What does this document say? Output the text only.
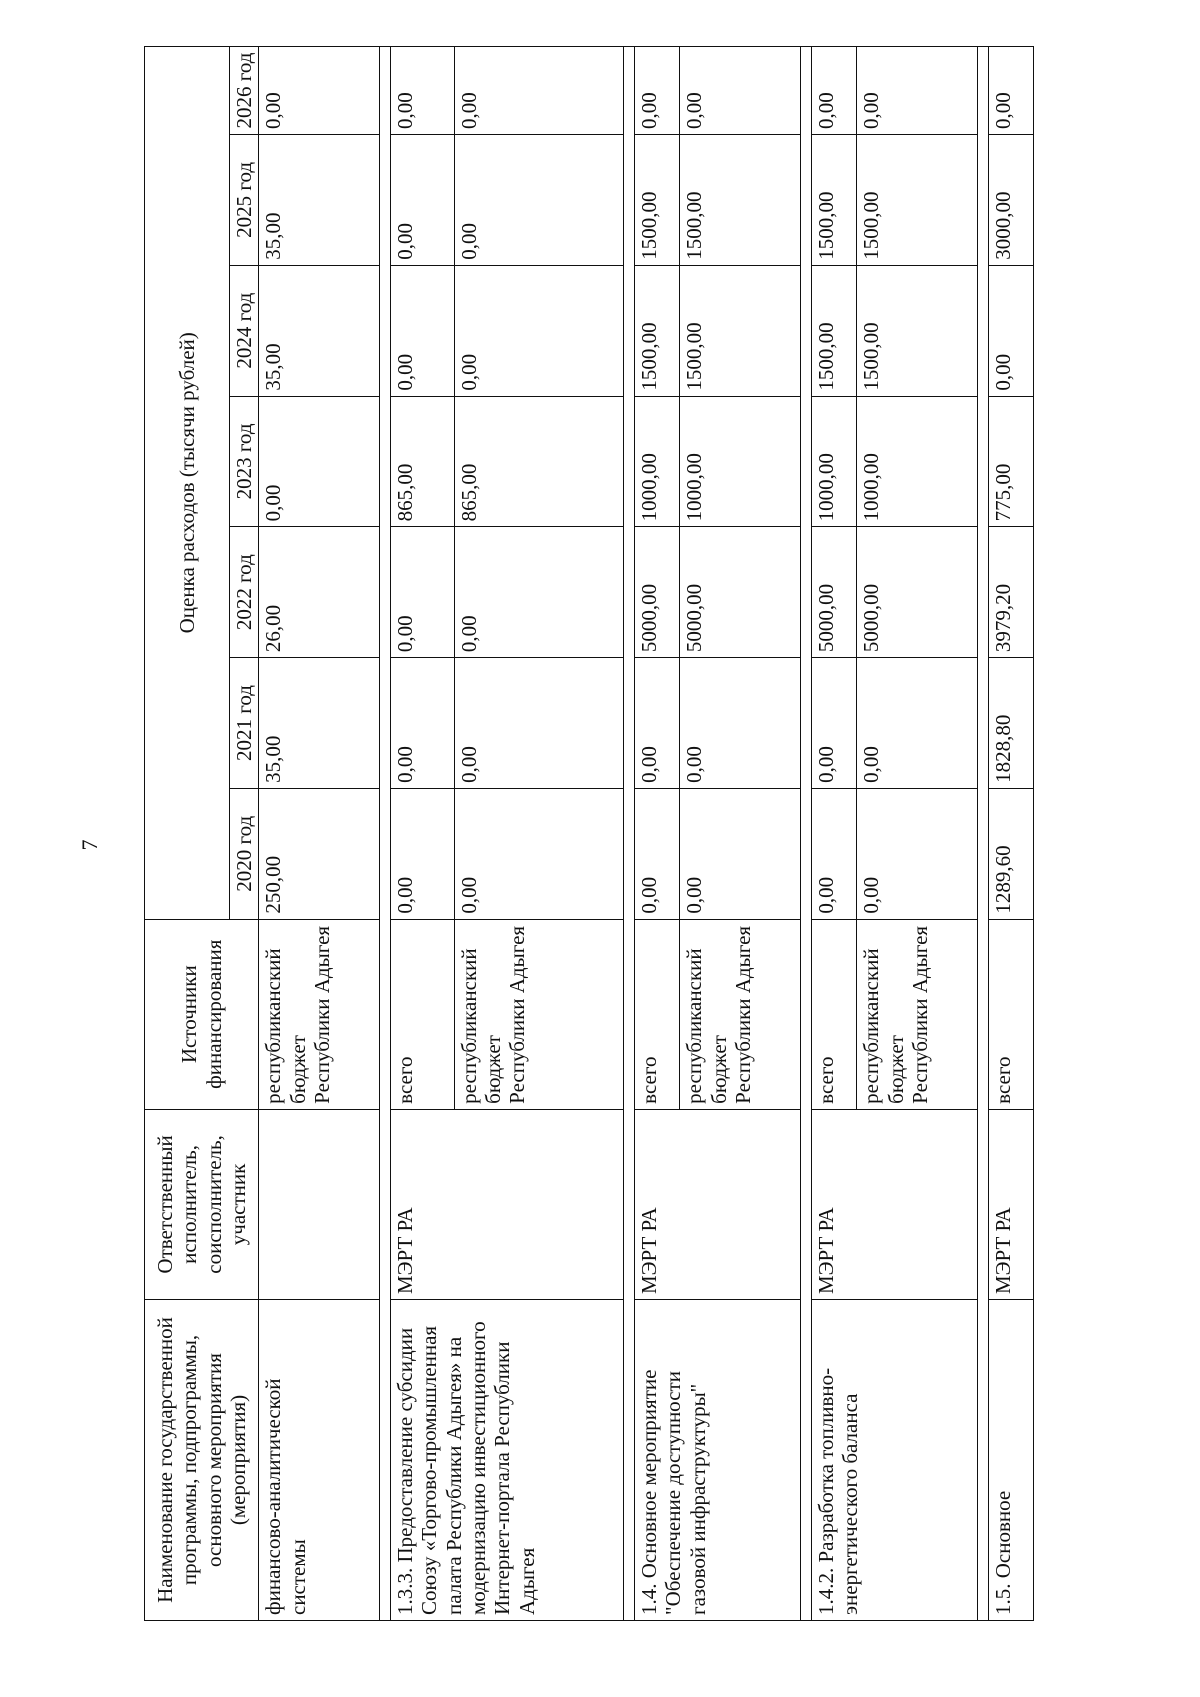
7
Наименование государственной программы, подпрограммы, основного мероприятия (мероприятия)	Ответственный исполнитель, соисполнитель, участник	Источники финансирования	Оценка расходов (тысячи рублей)						
			2020 год	2021 год	2022 год	2023 год	2024 год	2025 год	2026 год
финансово-аналитической системы		республиканский бюджет Республики Адыгея	250,00	35,00	26,00	0,00	35,00	35,00	0,00

1.3.3. Предоставление субсидии Союзу «Торгово-промышленная палата Республики Адыгея» на модернизацию инвестиционного Интернет-портала Республики Адыгея	МЭРТ РА	всего	0,00	0,00	0,00	865,00	0,00	0,00	0,00
		республиканский бюджет Республики Адыгея	0,00	0,00	0,00	865,00	0,00	0,00	0,00

1.4. Основное мероприятие "Обеспечение доступности газовой инфраструктуры"	МЭРТ РА	всего	0,00	0,00	5000,00	1000,00	1500,00	1500,00	0,00
		республиканский бюджет Республики Адыгея	0,00	0,00	5000,00	1000,00	1500,00	1500,00	0,00

1.4.2. Разработка топливно-энергетического баланса	МЭРТ РА	всего	0,00	0,00	5000,00	1000,00	1500,00	1500,00	0,00
		республиканский бюджет Республики Адыгея	0,00	0,00	5000,00	1000,00	1500,00	1500,00	0,00

1.5. Основное	МЭРТ РА	всего	1289,60	1828,80	3979,20	775,00	0,00	3000,00	0,00
